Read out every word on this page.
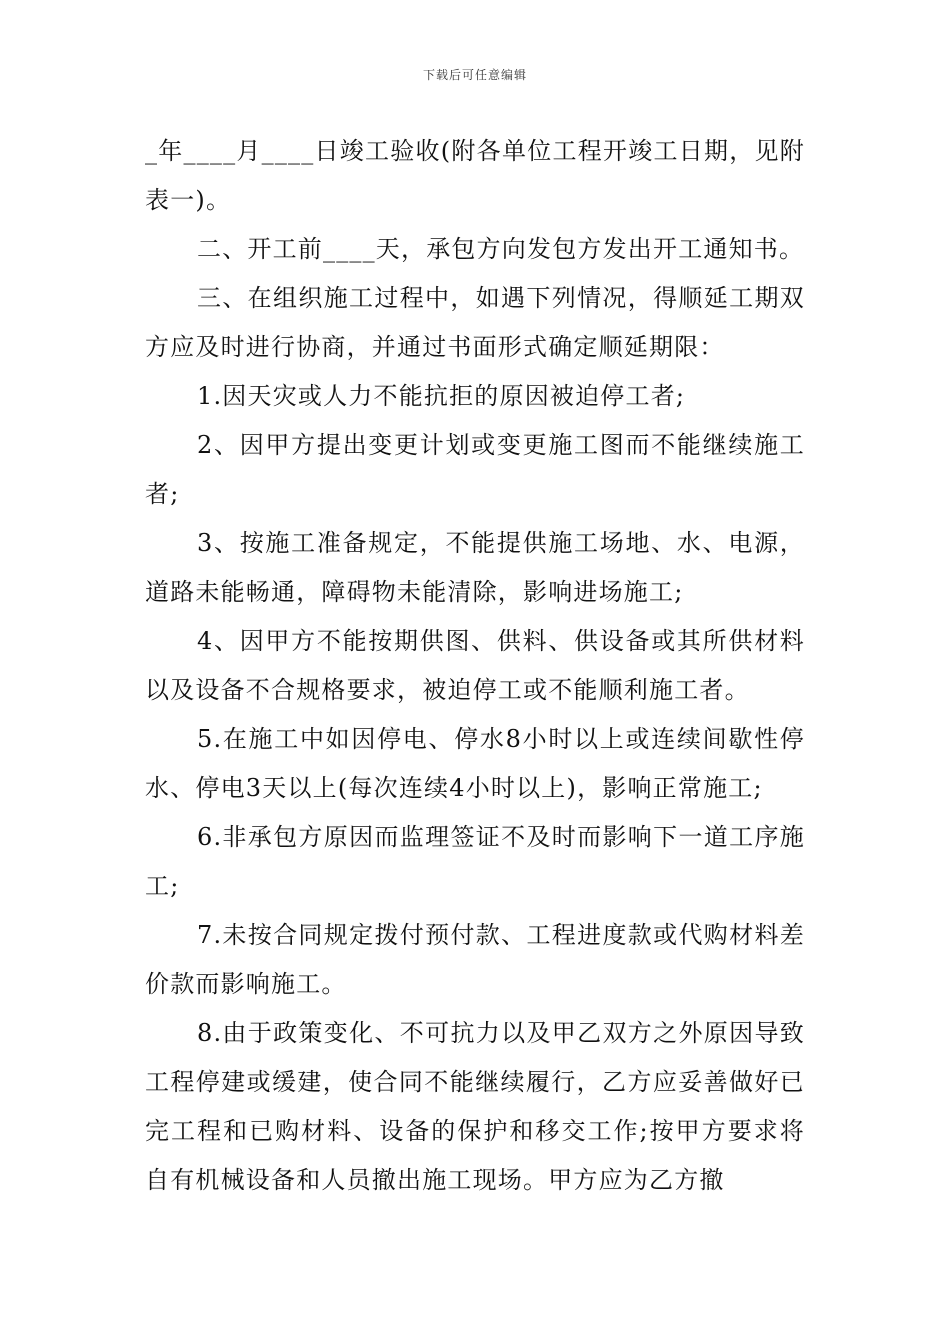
下载后可任意编辑

_年____月____日竣工验收(附各单位工程开竣工日期，见附表一)。

二、开工前____天，承包方向发包方发出开工通知书。

三、在组织施工过程中，如遇下列情况，得顺延工期双方应及时进行协商，并通过书面形式确定顺延期限：

1.因天灾或人力不能抗拒的原因被迫停工者;

2、因甲方提出变更计划或变更施工图而不能继续施工者;

3、按施工准备规定，不能提供施工场地、水、电源，道路未能畅通，障碍物未能清除，影响进场施工;

4、因甲方不能按期供图、供料、供设备或其所供材料以及设备不合规格要求，被迫停工或不能顺利施工者。

5.在施工中如因停电、停水8小时以上或连续间歇性停水、停电3天以上(每次连续4小时以上)，影响正常施工;

6.非承包方原因而监理签证不及时而影响下一道工序施工;

7.未按合同规定拨付预付款、工程进度款或代购材料差价款而影响施工。

8.由于政策变化、不可抗力以及甲乙双方之外原因导致工程停建或缓建，使合同不能继续履行，乙方应妥善做好已完工程和已购材料、设备的保护和移交工作;按甲方要求将自有机械设备和人员撤出施工现场。甲方应为乙方撤
